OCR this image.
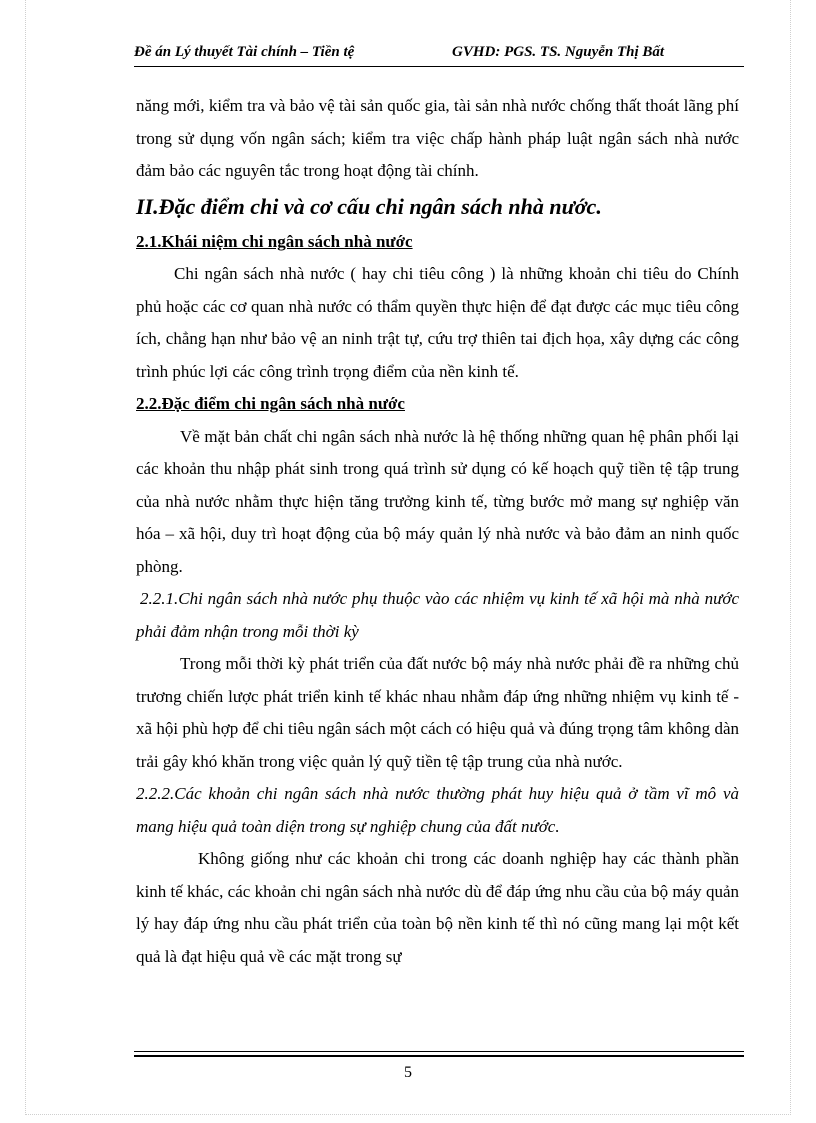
Đề án Lý thuyết Tài chính – Tiền tệ	GVHD: PGS. TS. Nguyễn Thị Bất

năng mới, kiểm tra và bảo vệ tài sản quốc gia, tài sản nhà nước chống thất thoát lãng phí trong sử dụng vốn ngân sách; kiểm tra việc chấp hành pháp luật ngân sách nhà nước đảm bảo các nguyên tắc trong hoạt động tài chính.

II.Đặc điểm chi và cơ cấu chi ngân sách nhà nước.

2.1.Khái niệm chi ngân sách nhà nước

Chi ngân sách nhà nước ( hay chi tiêu công ) là những khoản chi tiêu do Chính phủ hoặc các cơ quan nhà nước có thẩm quyền thực hiện để đạt được các mục tiêu công ích, chẳng hạn như bảo vệ an ninh trật tự, cứu trợ thiên tai địch họa, xây dựng các công trình phúc lợi các công trình trọng điểm của nền kinh tế.

2.2.Đặc điểm chi ngân sách nhà nước

Về mặt bản chất chi ngân sách nhà nước là hệ thống những quan hệ phân phối lại các khoản thu nhập phát sinh trong quá trình sử dụng có kế hoạch quỹ tiền tệ tập trung của nhà nước nhằm thực hiện tăng trưởng kinh tế, từng bước mở mang sự nghiệp văn hóa – xã hội, duy trì hoạt động của bộ máy quản lý nhà nước và bảo đảm an ninh quốc phòng.

2.2.1.Chi ngân sách nhà nước phụ thuộc vào các nhiệm vụ kinh tế xã hội mà nhà nước phải đảm nhận trong mỗi thời kỳ

Trong mỗi thời kỳ phát triển của đất nước bộ máy nhà nước phải đề ra những chủ trương chiến lược phát triển kinh tế khác nhau nhằm đáp ứng những nhiệm vụ kinh tế - xã hội phù hợp để chi tiêu ngân sách một cách có hiệu quả và đúng trọng tâm không dàn trải gây khó khăn trong việc quản lý quỹ tiền tệ tập trung của nhà nước.

2.2.2.Các khoản chi ngân sách nhà nước thường phát huy hiệu quả ở tầm vĩ mô và mang hiệu quả toàn diện trong sự nghiệp chung của đất nước.

Không giống như các khoản chi trong các doanh nghiệp hay các thành phần kinh tế khác, các khoản chi ngân sách nhà nước dù để đáp ứng nhu cầu của bộ máy quản lý hay đáp ứng nhu cầu phát triển của toàn bộ nền kinh tế thì nó cũng mang lại một kết quả là đạt hiệu quả về các mặt trong sự

5
